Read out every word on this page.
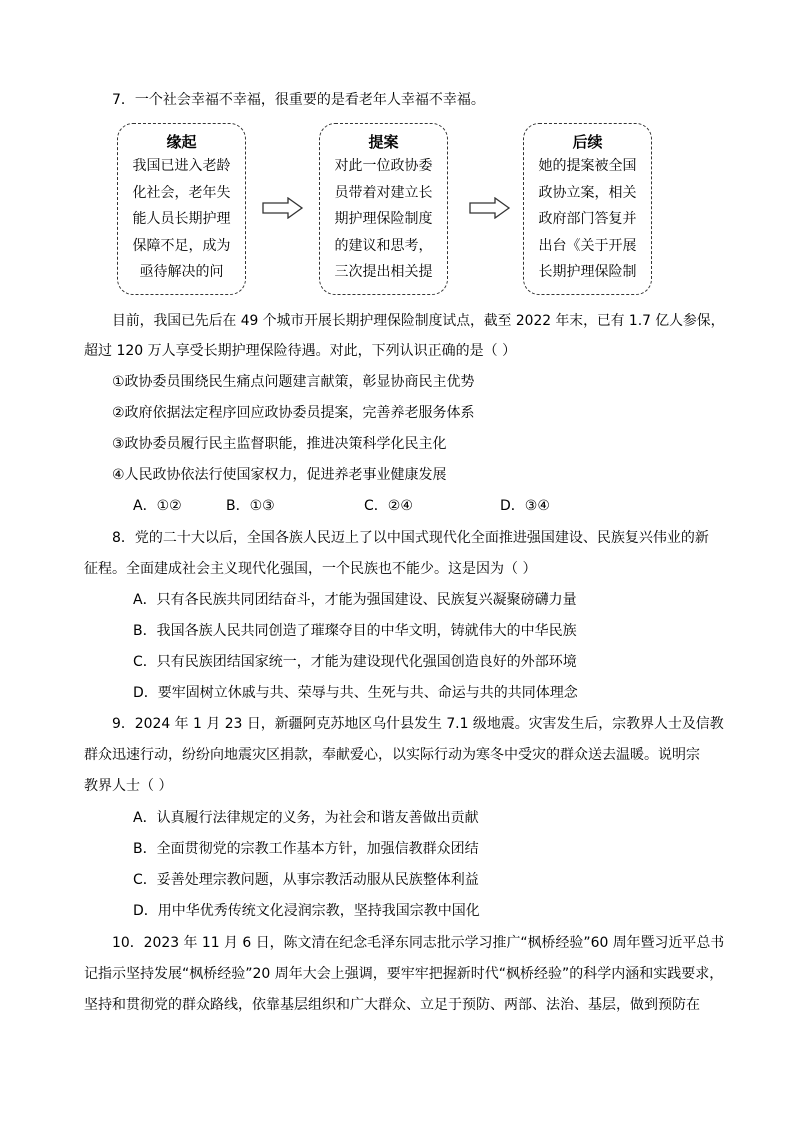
7．一个社会幸福不幸福，很重要的是看老年人幸福不幸福。
缘起
我国已进入老龄
化社会，老年失
能人员长期护理
保障不足，成为
亟待解决的问
提案
对此一位政协委
员带着对建立长
期护理保险制度
的建议和思考，
三次提出相关提
后续
她的提案被全国
政协立案，相关
政府部门答复并
出台《关于开展
长期护理保险制
目前，我国已先后在 49 个城市开展长期护理保险制度试点，截至 2022 年末，已有 1.7 亿人参保，
超过 120 万人享受长期护理保险待遇。对此，下列认识正确的是（ ）
①政协委员围绕民生痛点问题建言献策，彰显协商民主优势
②政府依据法定程序回应政协委员提案，完善养老服务体系
③政协委员履行民主监督职能，推进决策科学化民主化
④人民政协依法行使国家权力，促进养老事业健康发展
A．①②	B．①③	C．②④	D．③④
8．党的二十大以后，全国各族人民迈上了以中国式现代化全面推进强国建设、民族复兴伟业的新
征程。全面建成社会主义现代化强国，一个民族也不能少。这是因为（ ）
A．只有各民族共同团结奋斗，才能为强国建设、民族复兴凝聚磅礴力量
B．我国各族人民共同创造了璀璨夺目的中华文明，铸就伟大的中华民族
C．只有民族团结国家统一，才能为建设现代化强国创造良好的外部环境
D．要牢固树立休戚与共、荣辱与共、生死与共、命运与共的共同体理念
9．2024 年 1 月 23 日，新疆阿克苏地区乌什县发生 7.1 级地震。灾害发生后，宗教界人士及信教
群众迅速行动，纷纷向地震灾区捐款，奉献爱心，以实际行动为寒冬中受灾的群众送去温暖。说明宗
教界人士（ ）
A．认真履行法律规定的义务，为社会和谐友善做出贡献
B．全面贯彻党的宗教工作基本方针，加强信教群众团结
C．妥善处理宗教问题，从事宗教活动服从民族整体利益
D．用中华优秀传统文化浸润宗教，坚持我国宗教中国化
10．2023 年 11 月 6 日，陈文清在纪念毛泽东同志批示学习推广“枫桥经验”60 周年暨习近平总书
记指示坚持发展“枫桥经验”20 周年大会上强调，要牢牢把握新时代“枫桥经验”的科学内涵和实践要求，
坚持和贯彻党的群众路线，依靠基层组织和广大群众、立足于预防、两部、法治、基层，做到预防在
